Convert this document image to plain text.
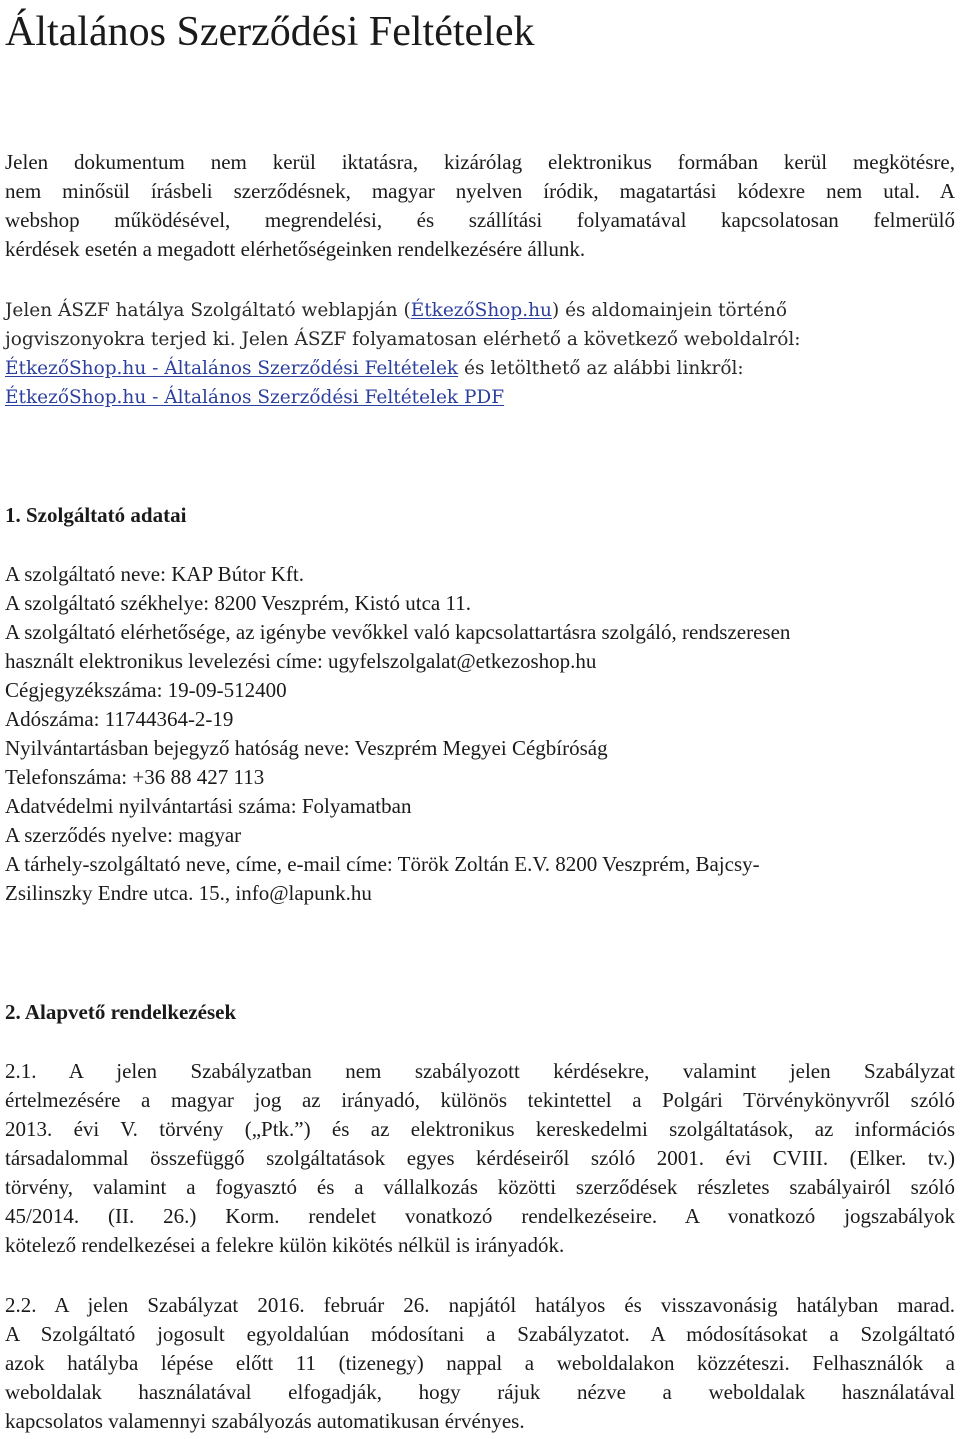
Általános Szerződési Feltételek
Jelen dokumentum nem kerül iktatásra, kizárólag elektronikus formában kerül megkötésre,
nem minősül írásbeli szerződésnek, magyar nyelven íródik, magatartási kódexre nem utal. A
webshop működésével, megrendelési, és szállítási folyamatával kapcsolatosan felmerülő
kérdések esetén a megadott elérhetőségeinken rendelkezésére állunk.
Jelen ÁSZF hatálya Szolgáltató weblapján (ÉtkezőShop.hu) és aldomainjein történő
jogviszonyokra terjed ki. Jelen ÁSZF folyamatosan elérhető a következő weboldalról:
ÉtkezőShop.hu - Általános Szerződési Feltételek és letölthető az alábbi linkről:
ÉtkezőShop.hu - Általános Szerződési Feltételek PDF
1. Szolgáltató adatai
A szolgáltató neve: KAP Bútor Kft.
A szolgáltató székhelye: 8200 Veszprém, Kistó utca 11.
A szolgáltató elérhetősége, az igénybe vevőkkel való kapcsolattartásra szolgáló, rendszeresen
használt elektronikus levelezési címe: ugyfelszolgalat@etkezoshop.hu
Cégjegyzékszáma: 19-09-512400
Adószáma: 11744364-2-19
Nyilvántartásban bejegyző hatóság neve: Veszprém Megyei Cégbíróság
Telefonszáma: +36 88 427 113
Adatvédelmi nyilvántartási száma: Folyamatban
A szerződés nyelve: magyar
A tárhely-szolgáltató neve, címe, e-mail címe: Török Zoltán E.V. 8200 Veszprém, Bajcsy-
Zsilinszky Endre utca. 15., info@lapunk.hu
2. Alapvető rendelkezések
2.1. A jelen Szabályzatban nem szabályozott kérdésekre, valamint jelen Szabályzat
értelmezésére a magyar jog az irányadó, különös tekintettel a Polgári Törvénykönyvről szóló
2013. évi V. törvény („Ptk.”) és az elektronikus kereskedelmi szolgáltatások, az információs
társadalommal összefüggő szolgáltatások egyes kérdéseiről szóló 2001. évi CVIII. (Elker. tv.)
törvény, valamint a fogyasztó és a vállalkozás közötti szerződések részletes szabályairól szóló
45/2014. (II. 26.) Korm. rendelet vonatkozó rendelkezéseire. A vonatkozó jogszabályok
kötelező rendelkezései a felekre külön kikötés nélkül is irányadók.
2.2. A jelen Szabályzat 2016. február 26. napjától hatályos és visszavonásig hatályban marad.
A Szolgáltató jogosult egyoldalúan módosítani a Szabályzatot. A módosításokat a Szolgáltató
azok hatályba lépése előtt 11 (tizenegy) nappal a weboldalakon közzéteszi. Felhasználók a
weboldalak használatával elfogadják, hogy rájuk nézve a weboldalak használatával
kapcsolatos valamennyi szabályozás automatikusan érvényes.
